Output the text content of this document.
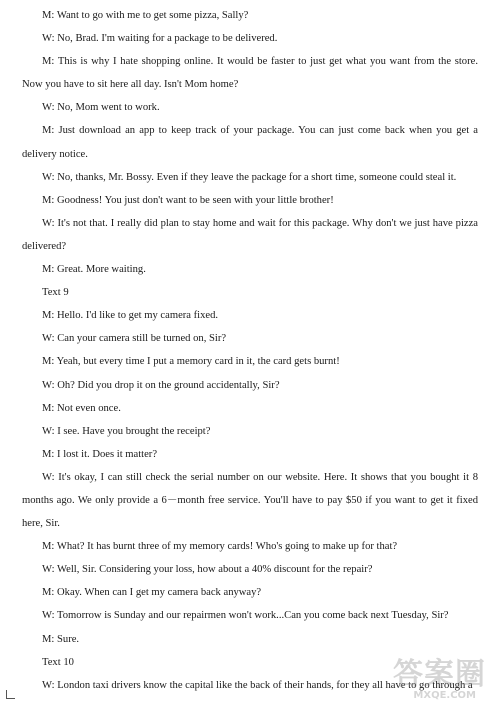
M: Want to go with me to get some pizza, Sally?

W: No, Brad. I'm waiting for a package to be delivered.

M: This is why I hate shopping online. It would be faster to just get what you want from the store. Now you have to sit here all day. Isn't Mom home?

W: No, Mom went to work.

M: Just download an app to keep track of your package. You can just come back when you get a delivery notice.

W: No, thanks, Mr. Bossy. Even if they leave the package for a short time, someone could steal it.

M: Goodness! You just don't want to be seen with your little brother!

W: It's not that. I really did plan to stay home and wait for this package. Why don't we just have pizza delivered?

M: Great. More waiting.

Text 9

M: Hello. I'd like to get my camera fixed.

W: Can your camera still be turned on, Sir?

M: Yeah, but every time I put a memory card in it, the card gets burnt!

W: Oh? Did you drop it on the ground accidentally, Sir?

M: Not even once.

W: I see. Have you brought the receipt?

M: I lost it. Does it matter?

W: It's okay, I can still check the serial number on our website. Here. It shows that you bought it 8 months ago. We only provide a 6－month free service. You'll have to pay $50 if you want to get it fixed here, Sir.

M: What? It has burnt three of my memory cards! Who's going to make up for that?

W: Well, Sir. Considering your loss, how about a 40% discount for the repair?

M: Okay. When can I get my camera back anyway?

W: Tomorrow is Sunday and our repairmen won't work...Can you come back next Tuesday, Sir?

M: Sure.

Text 10

W: London taxi drivers know the capital like the back of their hands, for they all have to go through a

答案圈
MXQE.COM
